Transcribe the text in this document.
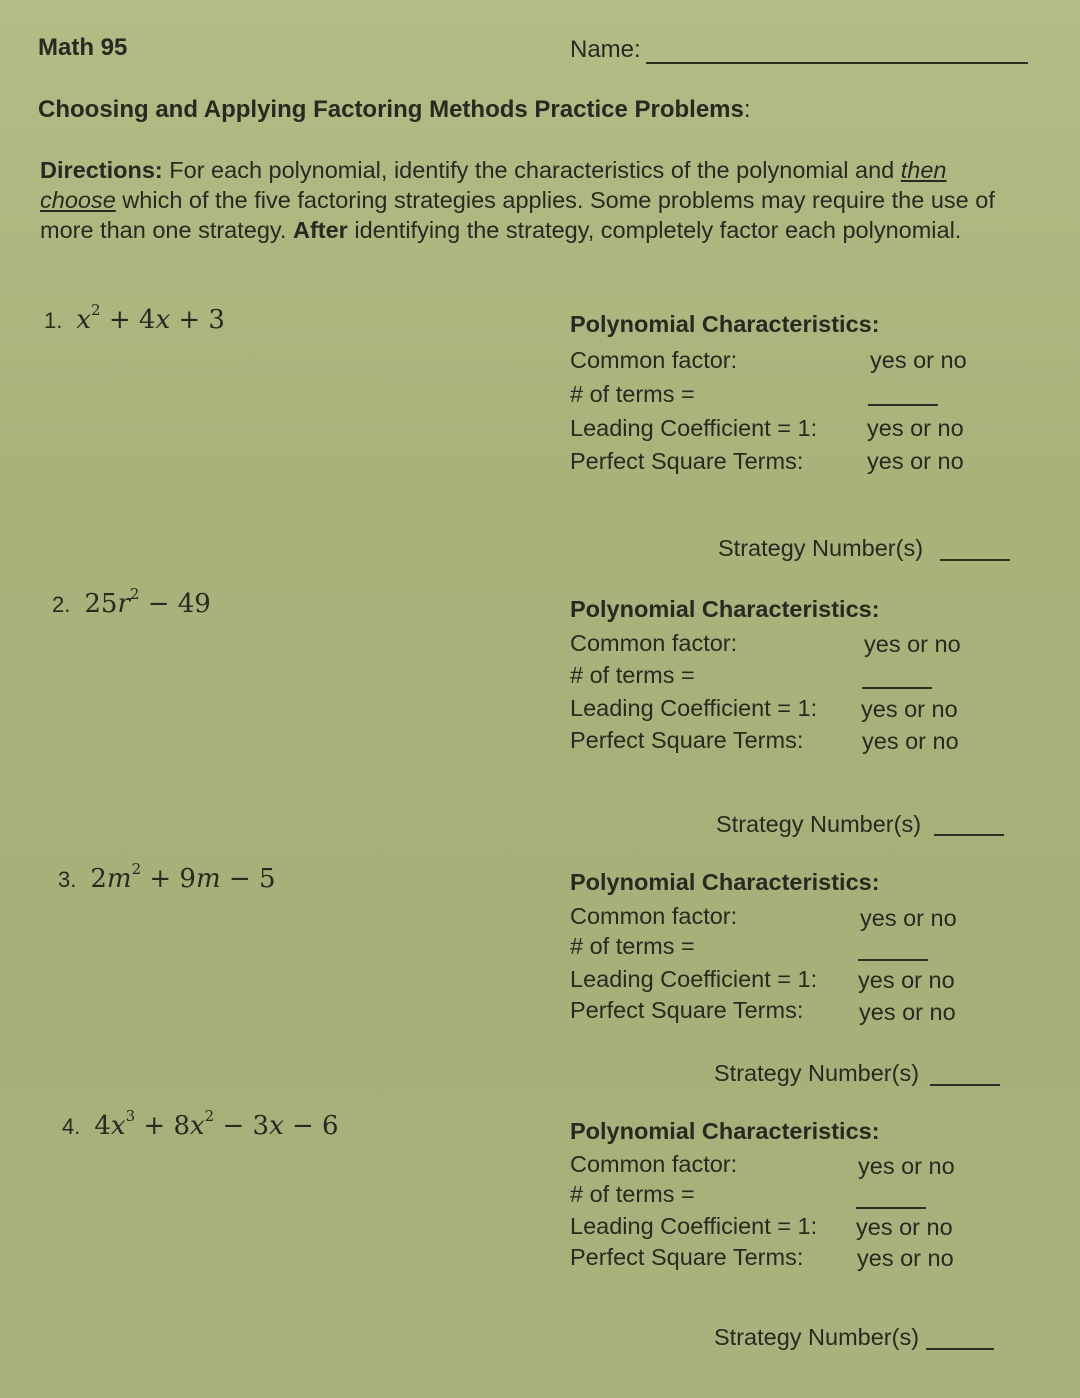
Math 95	Name:
Choosing and Applying Factoring Methods Practice Problems:
Directions: For each polynomial, identify the characteristics of the polynomial and then
choose which of the five factoring strategies applies. Some problems may require the use of
more than one strategy. After identifying the strategy, completely factor each polynomial.
1. $x^2 + 4x + 3$	Polynomial Characteristics:
Common factor:	yes or no
# of terms =
Leading Coefficient = 1: yes or no
Perfect Square Terms:	yes or no
Strategy Number(s)
2. $25r^2 - 49$	Polynomial Characteristics:
Common factor:	yes or no
# of terms =
Leading Coefficient = 1: yes or no
Perfect Square Terms: yes or no
Strategy Number(s)
3. $2m^2 + 9m - 5$	Polynomial Characteristics:
Common factor:	yes or no
# of terms =
Leading Coefficient = 1: yes or no
Perfect Square Terms: yes or no
Strategy Number(s)
4. $4x^3 + 8x^2 - 3x - 6$	Polynomial Characteristics:
Common factor:	yes or no
# of terms =
Leading Coefficient = 1: yes or no
Perfect Square Terms: yes or no
Strategy Number(s)
